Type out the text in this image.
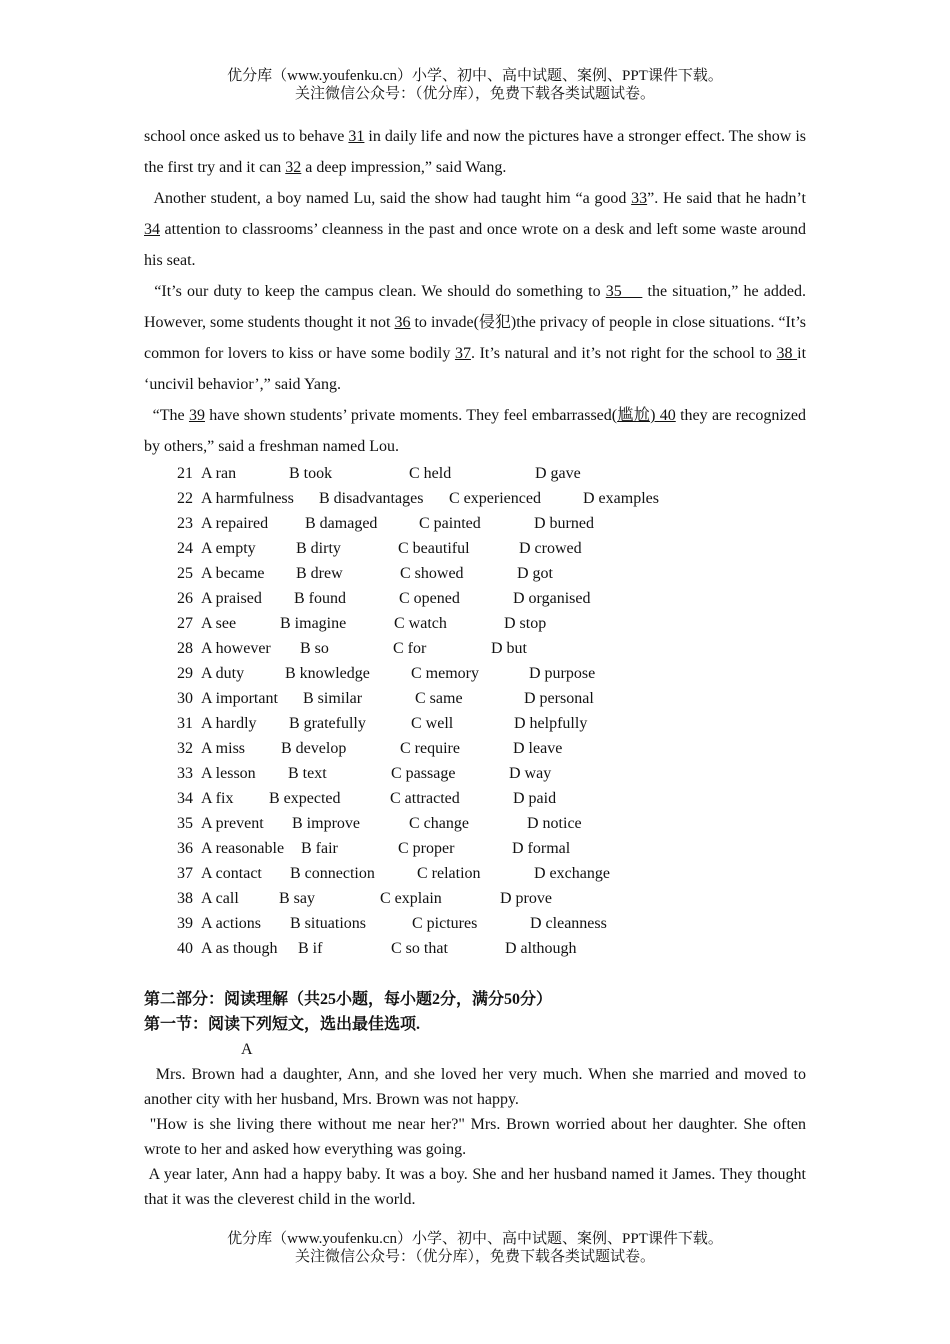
优分库（www.youfenku.cn）小学、初中、高中试题、案例、PPT课件下载。
关注微信公众号：（优分库），免费下载各类试题试卷。

school once asked us to behave 31 in daily life and now the pictures have a stronger effect. The show is the first try and it can 32 a deep impression,” said Wang.

Another student, a boy named Lu, said the show had taught him “a good 33”. He said that he hadn’t 34 attention to classrooms’ cleanness in the past and once wrote on a desk and left some waste around his seat.

“It’s our duty to keep the campus clean. We should do something to 35     the situation,” he added. However, some students thought it not 36 to invade(侵犯)the privacy of people in close situations. “It’s common for lovers to kiss or have some bodily 37. It’s natural and it’s not right for the school to 38 it ‘uncivil behavior’,” said Yang.

“The 39 have shown students’ private moments. They feel embarrassed(尴尬) 40 they are recognized by others,” said a freshman named Lou.

21 A ran	B took	C held	D gave
22 A harmfulness	B disadvantages	C experienced	D examples
23 A repaired	B damaged	C painted	D burned
24 A empty	B dirty	C beautiful	D crowed
25 A became	B drew	C showed	D got
26 A praised	B found	C opened	D organised
27 A see	B imagine	C watch	D stop
28 A however	B so	C for	D but
29 A duty	B knowledge	C memory	D purpose
30 A important	B similar	C same	D personal
31 A hardly	B gratefully	C well	D helpfully
32 A miss	B develop	C require	D leave
33 A lesson	B text	C passage	D way
34 A fix	B expected	C attracted	D paid
35 A prevent	B improve	C change	D notice
36 A reasonable	B fair	C proper	D formal
37 A contact	B connection	C relation	D exchange
38 A call	B say	C explain	D prove
39 A actions	B situations	C pictures	D cleanness
40 A as though	B if	C so that	D although
第二部分：阅读理解（共25小题，每小题2分，满分50分）
第一节：阅读下列短文，选出最佳选项.
A

Mrs. Brown had a daughter, Ann, and she loved her very much. When she married and moved to another city with her husband, Mrs. Brown was not happy.

"How is she living there without me near her?" Mrs. Brown worried about her daughter. She often wrote to her and asked how everything was going.

A year later, Ann had a happy baby. It was a boy. She and her husband named it James. They thought that it was the cleverest child in the world.

优分库（www.youfenku.cn）小学、初中、高中试题、案例、PPT课件下载。
关注微信公众号：（优分库），免费下载各类试题试卷。
